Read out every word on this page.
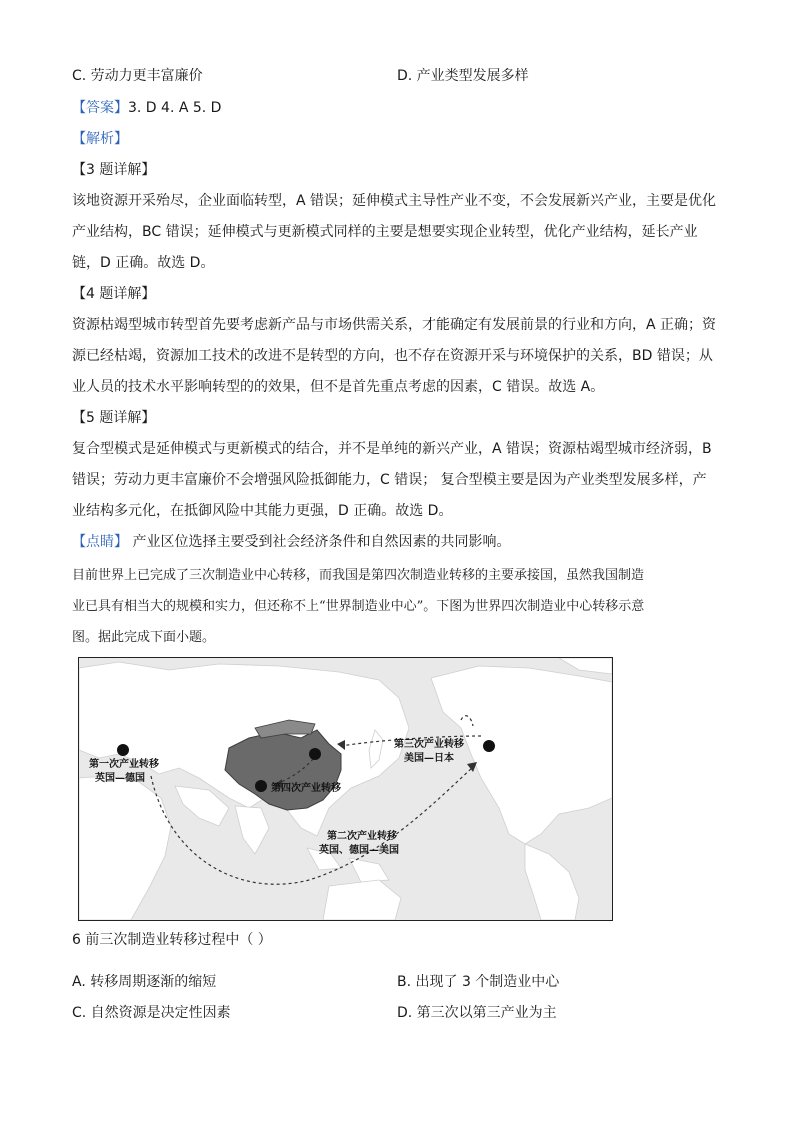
C. 劳动力更丰富廉价	D. 产业类型发展多样
【答案】3. D 4. A 5. D
【解析】
【3 题详解】
该地资源开采殆尽，企业面临转型，A 错误；延伸模式主导性产业不变，不会发展新兴产业，主要是优化
产业结构，BC 错误；延伸模式与更新模式同样的主要是想要实现企业转型，优化产业结构，延长产业
链，D 正确。故选 D。
【4 题详解】
资源枯竭型城市转型首先要考虑新产品与市场供需关系，才能确定有发展前景的行业和方向，A 正确；资
源已经枯竭，资源加工技术的改进不是转型的方向，也不存在资源开采与环境保护的关系，BD 错误；从
业人员的技术水平影响转型的的效果，但不是首先重点考虑的因素，C 错误。故选 A。
【5 题详解】
复合型模式是延伸模式与更新模式的结合，并不是单纯的新兴产业，A 错误；资源枯竭型城市经济弱，B
错误；劳动力更丰富廉价不会增强风险抵御能力，C 错误； 复合型模主要是因为产业类型发展多样，产
业结构多元化，在抵御风险中其能力更强，D 正确。故选 D。
【点睛】 产业区位选择主要受到社会经济条件和自然因素的共同影响。
目前世界上已完成了三次制造业中心转移，而我国是第四次制造业转移的主要承接国，虽然我国制造
业已具有相当大的规模和实力，但还称不上“世界制造业中心”。下图为世界四次制造业中心转移示意
图。据此完成下面小题。
第一次产业转移
英国—德国
第三次产业转移
美国—日本
第四次产业转移
第二次产业转移
英国、德国—美国
6 前三次制造业转移过程中（ ）
A. 转移周期逐渐的缩短	B. 出现了 3 个制造业中心
C. 自然资源是决定性因素	D. 第三次以第三产业为主
